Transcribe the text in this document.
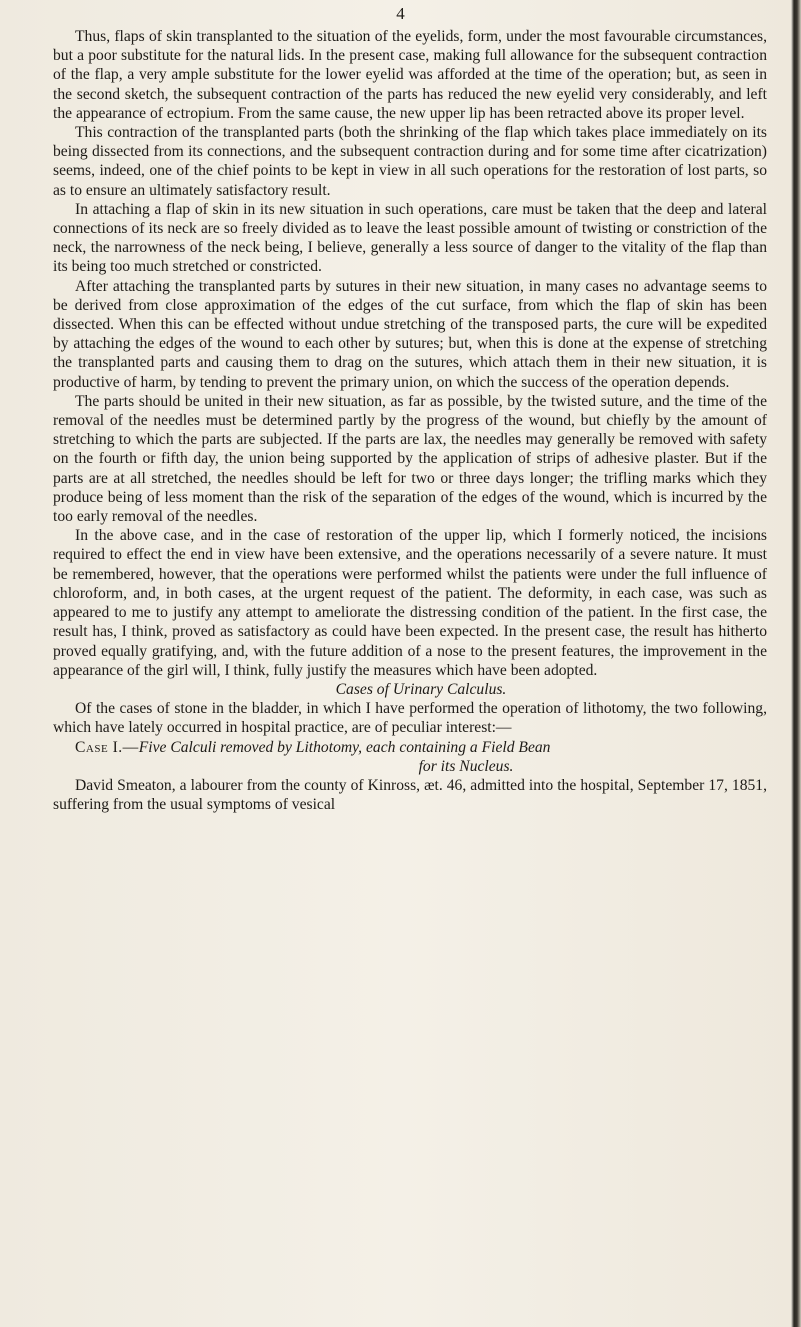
4

Thus, flaps of skin transplanted to the situation of the eyelids, form, under the most favourable circumstances, but a poor substitute for the natural lids. In the present case, making full allowance for the subsequent contraction of the flap, a very ample substitute for the lower eyelid was afforded at the time of the operation; but, as seen in the second sketch, the subsequent contraction of the parts has reduced the new eyelid very considerably, and left the appearance of ectropium. From the same cause, the new upper lip has been retracted above its proper level.

This contraction of the transplanted parts (both the shrinking of the flap which takes place immediately on its being dissected from its connections, and the subsequent contraction during and for some time after cicatrization) seems, indeed, one of the chief points to be kept in view in all such operations for the restoration of lost parts, so as to ensure an ultimately satisfactory result.

In attaching a flap of skin in its new situation in such operations, care must be taken that the deep and lateral connections of its neck are so freely divided as to leave the least possible amount of twisting or constriction of the neck, the narrowness of the neck being, I believe, generally a less source of danger to the vitality of the flap than its being too much stretched or constricted.

After attaching the transplanted parts by sutures in their new situation, in many cases no advantage seems to be derived from close approximation of the edges of the cut surface, from which the flap of skin has been dissected. When this can be effected without undue stretching of the transposed parts, the cure will be expedited by attaching the edges of the wound to each other by sutures; but, when this is done at the expense of stretching the transplanted parts and causing them to drag on the sutures, which attach them in their new situation, it is productive of harm, by tending to prevent the primary union, on which the success of the operation depends.

The parts should be united in their new situation, as far as possible, by the twisted suture, and the time of the removal of the needles must be determined partly by the progress of the wound, but chiefly by the amount of stretching to which the parts are subjected. If the parts are lax, the needles may generally be removed with safety on the fourth or fifth day, the union being supported by the application of strips of adhesive plaster. But if the parts are at all stretched, the needles should be left for two or three days longer; the trifling marks which they produce being of less moment than the risk of the separation of the edges of the wound, which is incurred by the too early removal of the needles.

In the above case, and in the case of restoration of the upper lip, which I formerly noticed, the incisions required to effect the end in view have been extensive, and the operations necessarily of a severe nature. It must be remembered, however, that the operations were performed whilst the patients were under the full influence of chloroform, and, in both cases, at the urgent request of the patient. The deformity, in each case, was such as appeared to me to justify any attempt to ameliorate the distressing condition of the patient. In the first case, the result has, I think, proved as satisfactory as could have been expected. In the present case, the result has hitherto proved equally gratifying, and, with the future addition of a nose to the present features, the improvement in the appearance of the girl will, I think, fully justify the measures which have been adopted.

Cases of Urinary Calculus.

Of the cases of stone in the bladder, in which I have performed the operation of lithotomy, the two following, which have lately occurred in hospital practice, are of peculiar interest:—

Case I.—Five Calculi removed by Lithotomy, each containing a Field Bean
for its Nucleus.

David Smeaton, a labourer from the county of Kinross, æt. 46, admitted into the hospital, September 17, 1851, suffering from the usual symptoms of vesical
